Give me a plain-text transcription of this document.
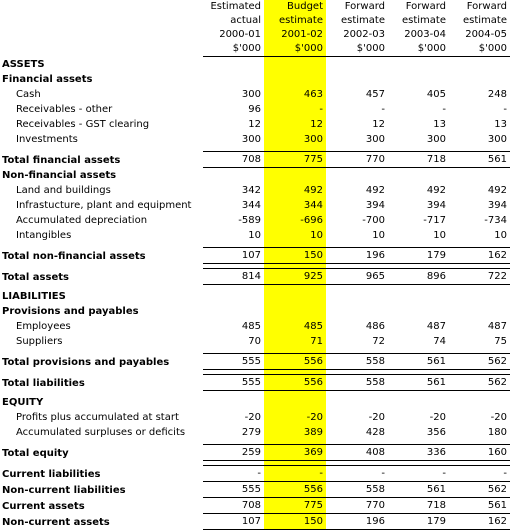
	Estimated	Budget	Forward	Forward	Forward
	actual	estimate	estimate	estimate	estimate
	2000-01	2001-02	2002-03	2003-04	2004-05
	$'000	$'000	$'000	$'000	$'000
ASSETS					
Financial assets					
Cash	300	463	457	405	248
Receivables - other	96	-	-	-	-
Receivables - GST clearing	12	12	12	13	13
Investments	300	300	300	300	300

Total financial assets	708	775	770	718	561
Non-financial assets					
Land and buildings	342	492	492	492	492
Infrastucture, plant and equipment	344	344	394	394	394
Accumulated depreciation	-589	-696	-700	-717	-734
Intangibles	10	10	10	10	10

Total non-financial assets	107	150	196	179	162

Total assets	814	925	965	896	722

LIABILITIES					
Provisions and payables					
Employees	485	485	486	487	487
Suppliers	70	71	72	74	75

Total provisions and payables	555	556	558	561	562

Total liabilities	555	556	558	561	562

EQUITY					
Profits plus accumulated at start	-20	-20	-20	-20	-20
Accumulated surpluses or deficits	279	389	428	356	180

Total equity	259	369	408	336	160

Current liabilities	-	-	-	-	-
Non-current liabilities	555	556	558	561	562
Current assets	708	775	770	718	561
Non-current assets	107	150	196	179	162
